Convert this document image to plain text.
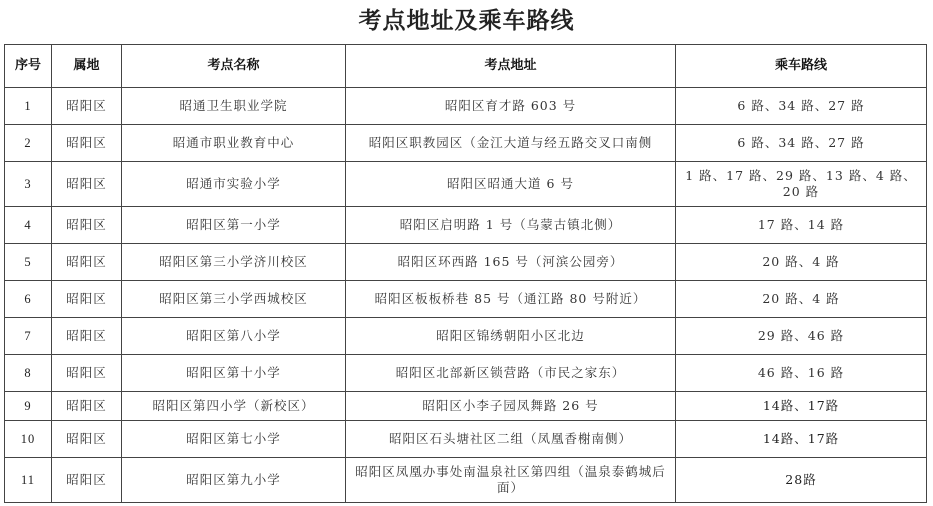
考点地址及乘车路线
序号	属地	考点名称	考点地址	乘车路线
1	昭阳区	昭通卫生职业学院	昭阳区育才路 603 号	6 路、34 路、27 路
2	昭阳区	昭通市职业教育中心	昭阳区职教园区（金江大道与经五路交叉口南侧	6 路、34 路、27 路
3	昭阳区	昭通市实验小学	昭阳区昭通大道 6 号	1 路、17 路、29 路、13 路、4 路、20 路
4	昭阳区	昭阳区第一小学	昭阳区启明路 1 号（乌蒙古镇北侧）	17 路、14 路
5	昭阳区	昭阳区第三小学济川校区	昭阳区环西路 165 号（河滨公园旁）	20 路、4 路
6	昭阳区	昭阳区第三小学西城校区	昭阳区板板桥巷 85 号（通江路 80 号附近）	20 路、4 路
7	昭阳区	昭阳区第八小学	昭阳区锦绣朝阳小区北边	29 路、46 路
8	昭阳区	昭阳区第十小学	昭阳区北部新区锁营路（市民之家东）	46 路、16 路
9	昭阳区	昭阳区第四小学（新校区）	昭阳区小李子园凤舞路 26 号	14路、17路
10	昭阳区	昭阳区第七小学	昭阳区石头塘社区二组（凤凰香榭南侧）	14路、17路
11	昭阳区	昭阳区第九小学	昭阳区凤凰办事处南温泉社区第四组（温泉泰鹤城后面）	28路
